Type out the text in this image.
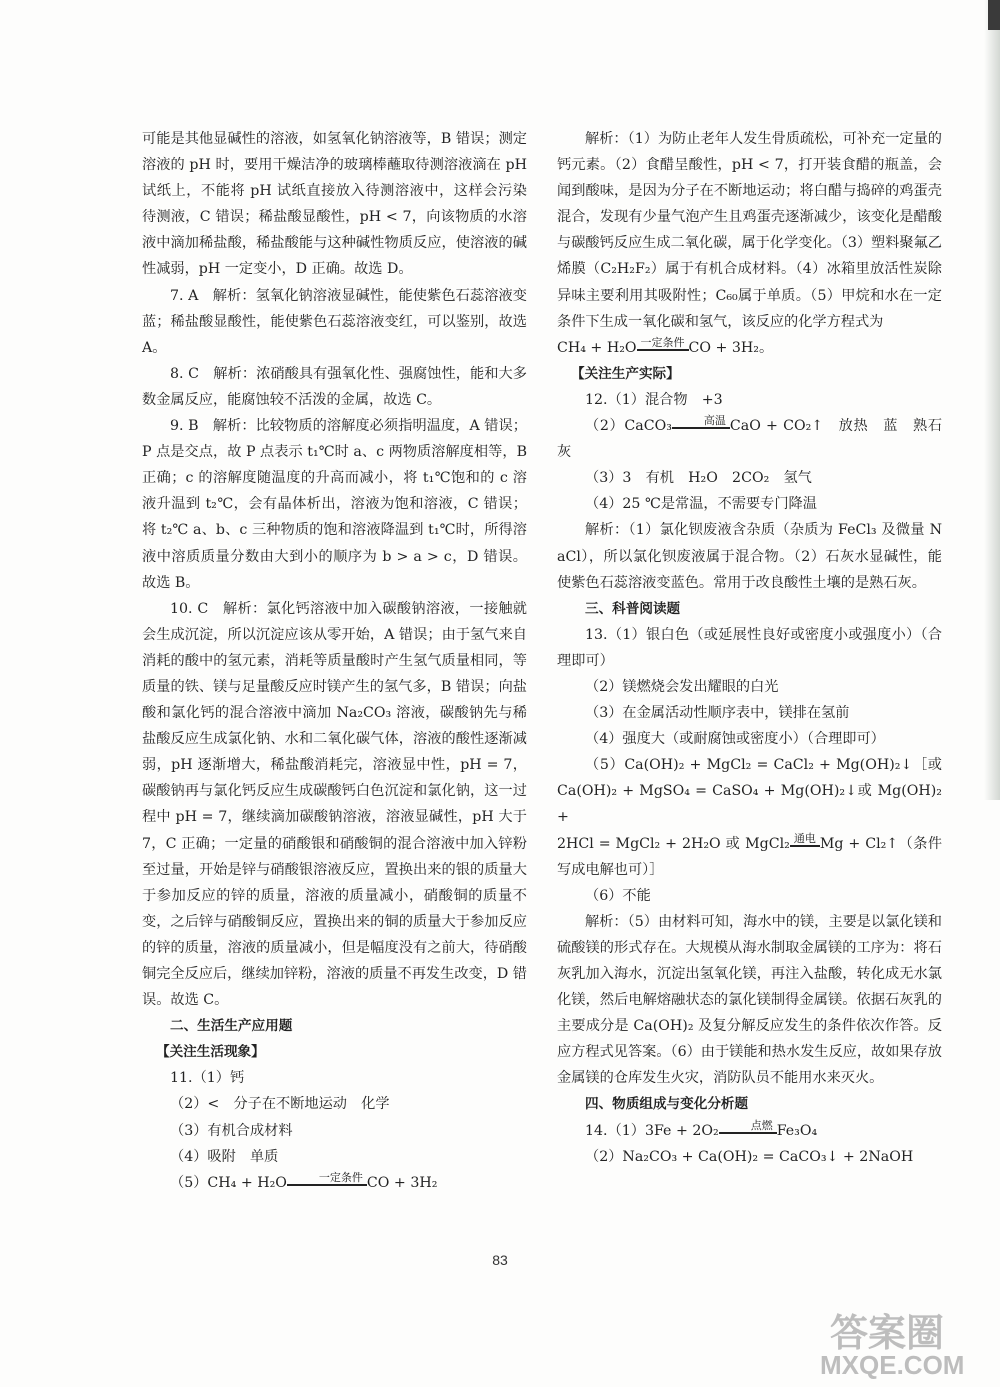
可能是其他显碱性的溶液，如氢氧化钠溶液等，B 错误；测定溶液的 pH 时，要用干燥洁净的玻璃棒蘸取待测溶液滴在 pH 试纸上，不能将 pH 试纸直接放入待测溶液中，这样会污染待测液，C 错误；稀盐酸显酸性，pH < 7，向该物质的水溶液中滴加稀盐酸，稀盐酸能与这种碱性物质反应，使溶液的碱性减弱，pH 一定变小，D 正确。故选 D。

7. A　解析：氢氧化钠溶液显碱性，能使紫色石蕊溶液变蓝；稀盐酸显酸性，能使紫色石蕊溶液变红，可以鉴别，故选 A。

8. C　解析：浓硝酸具有强氧化性、强腐蚀性，能和大多数金属反应，能腐蚀较不活泼的金属，故选 C。

9. B　解析：比较物质的溶解度必须指明温度，A 错误；P 点是交点，故 P 点表示 t₁℃时 a、c 两物质溶解度相等，B 正确；c 的溶解度随温度的升高而减小，将 t₁℃饱和的 c 溶液升温到 t₂℃，会有晶体析出，溶液为饱和溶液，C 错误；将 t₂℃ a、b、c 三种物质的饱和溶液降温到 t₁℃时，所得溶液中溶质质量分数由大到小的顺序为 b > a > c，D 错误。故选 B。

10. C　解析：氯化钙溶液中加入碳酸钠溶液，一接触就会生成沉淀，所以沉淀应该从零开始，A 错误；由于氢气来自消耗的酸中的氢元素，消耗等质量酸时产生氢气质量相同，等质量的铁、镁与足量酸反应时镁产生的氢气多，B 错误；向盐酸和氯化钙的混合溶液中滴加 Na₂CO₃ 溶液，碳酸钠先与稀盐酸反应生成氯化钠、水和二氧化碳气体，溶液的酸性逐渐减弱，pH 逐渐增大，稀盐酸消耗完，溶液显中性，pH = 7，碳酸钠再与氯化钙反应生成碳酸钙白色沉淀和氯化钠，这一过程中 pH = 7，继续滴加碳酸钠溶液，溶液显碱性，pH 大于 7，C 正确；一定量的硝酸银和硝酸铜的混合溶液中加入锌粉至过量，开始是锌与硝酸银溶液反应，置换出来的银的质量大于参加反应的锌的质量，溶液的质量减小，硝酸铜的质量不变，之后锌与硝酸铜反应，置换出来的铜的质量大于参加反应的锌的质量，溶液的质量减小，但是幅度没有之前大，待硝酸铜完全反应后，继续加锌粉，溶液的质量不再发生改变，D 错误。故选 C。

二、生活生产应用题

【关注生活现象】

11.（1）钙

（2）<　分子在不断地运动　化学

（3）有机合成材料

（4）吸附　单质

（5）CH₄ + H₂O	一定条件 CO + 3H₂

解析：（1）为防止老年人发生骨质疏松，可补充一定量的钙元素。（2）食醋呈酸性，pH < 7，打开装食醋的瓶盖，会闻到酸味，是因为分子在不断地运动；将白醋与捣碎的鸡蛋壳混合，发现有少量气泡产生且鸡蛋壳逐渐减少，该变化是醋酸与碳酸钙反应生成二氧化碳，属于化学变化。（3）塑料聚氟乙烯膜（C₂H₂F₂）属于有机合成材料。（4）冰箱里放活性炭除异味主要利用其吸附性；C₆₀属于单质。（5）甲烷和水在一定条件下生成一氧化碳和氢气，该反应的化学方程式为

CH₄ + H₂O 一定条件 CO + 3H₂。

【关注生产实际】

12.（1）混合物　+3

（2）CaCO₃	高温 CaO + CO₂↑　放热　蓝　熟石灰

（3）3　有机　H₂O　2CO₂　氢气

（4）25 ℃是常温，不需要专门降温

解析：（1）氯化钡废液含杂质（杂质为 FeCl₃ 及微量 NaCl），所以氯化钡废液属于混合物。（2）石灰水显碱性，能使紫色石蕊溶液变蓝色。常用于改良酸性土壤的是熟石灰。

三、科普阅读题

13.（1）银白色（或延展性良好或密度小或强度小）（合理即可）

（2）镁燃烧会发出耀眼的白光

（3）在金属活动性顺序表中，镁排在氢前

（4）强度大（或耐腐蚀或密度小）（合理即可）

（5）Ca(OH)₂ + MgCl₂ = CaCl₂ + Mg(OH)₂↓［或 Ca(OH)₂ + MgSO₄ = CaSO₄ + Mg(OH)₂↓或 Mg(OH)₂ +

2HCl = MgCl₂ + 2H₂O 或 MgCl₂ 通电 Mg + Cl₂↑（条件写成电解也可）］

（6）不能

解析：（5）由材料可知，海水中的镁，主要是以氯化镁和硫酸镁的形式存在。大规模从海水制取金属镁的工序为：将石灰乳加入海水，沉淀出氢氧化镁，再注入盐酸，转化成无水氯化镁，然后电解熔融状态的氯化镁制得金属镁。依据石灰乳的主要成分是 Ca(OH)₂ 及复分解反应发生的条件依次作答。反应方程式见答案。（6）由于镁能和热水发生反应，故如果存放金属镁的仓库发生火灾，消防队员不能用水来灭火。

四、物质组成与变化分析题

14.（1）3Fe + 2O₂	点燃 Fe₃O₄

（2）Na₂CO₃ + Ca(OH)₂ = CaCO₃↓ + 2NaOH

83
答案圈
MXQE.COM
